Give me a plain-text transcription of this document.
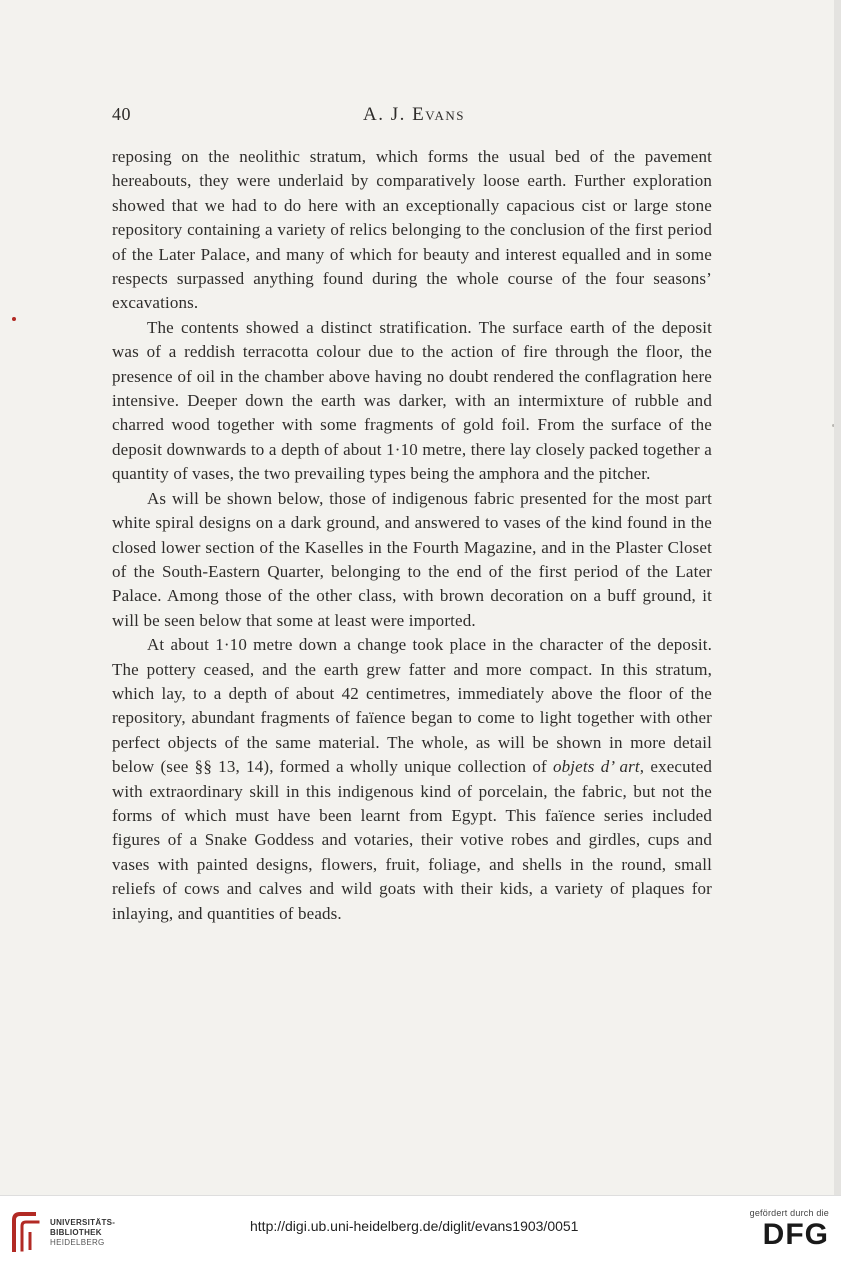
40	A. J. Evans

reposing on the neolithic stratum, which forms the usual bed of the pavement hereabouts, they were underlaid by comparatively loose earth. Further exploration showed that we had to do here with an exceptionally capacious cist or large stone repository containing a variety of relics belonging to the conclusion of the first period of the Later Palace, and many of which for beauty and interest equalled and in some respects surpassed anything found during the whole course of the four seasons’ excavations.

The contents showed a distinct stratification. The surface earth of the deposit was of a reddish terracotta colour due to the action of fire through the floor, the presence of oil in the chamber above having no doubt rendered the conflagration here intensive. Deeper down the earth was darker, with an intermixture of rubble and charred wood together with some fragments of gold foil. From the surface of the deposit downwards to a depth of about 1·10 metre, there lay closely packed together a quantity of vases, the two prevailing types being the amphora and the pitcher.

As will be shown below, those of indigenous fabric presented for the most part white spiral designs on a dark ground, and answered to vases of the kind found in the closed lower section of the Kaselles in the Fourth Magazine, and in the Plaster Closet of the South-Eastern Quarter, belonging to the end of the first period of the Later Palace. Among those of the other class, with brown decoration on a buff ground, it will be seen below that some at least were imported.

At about 1·10 metre down a change took place in the character of the deposit. The pottery ceased, and the earth grew fatter and more compact. In this stratum, which lay, to a depth of about 42 centimetres, immediately above the floor of the repository, abundant fragments of faïence began to come to light together with other perfect objects of the same material. The whole, as will be shown in more detail below (see §§ 13, 14), formed a wholly unique collection of objets d’ art, executed with extraordinary skill in this indigenous kind of porcelain, the fabric, but not the forms of which must have been learnt from Egypt. This faïence series included figures of a Snake Goddess and votaries, their votive robes and girdles, cups and vases with painted designs, flowers, fruit, foliage, and shells in the round, small reliefs of cows and calves and wild goats with their kids, a variety of plaques for inlaying, and quantities of beads.

UNIVERSITÄTS-
BIBLIOTHEK
HEIDELBERG
http://digi.ub.uni-heidelberg.de/diglit/evans1903/0051
gefördert durch die
DFG
